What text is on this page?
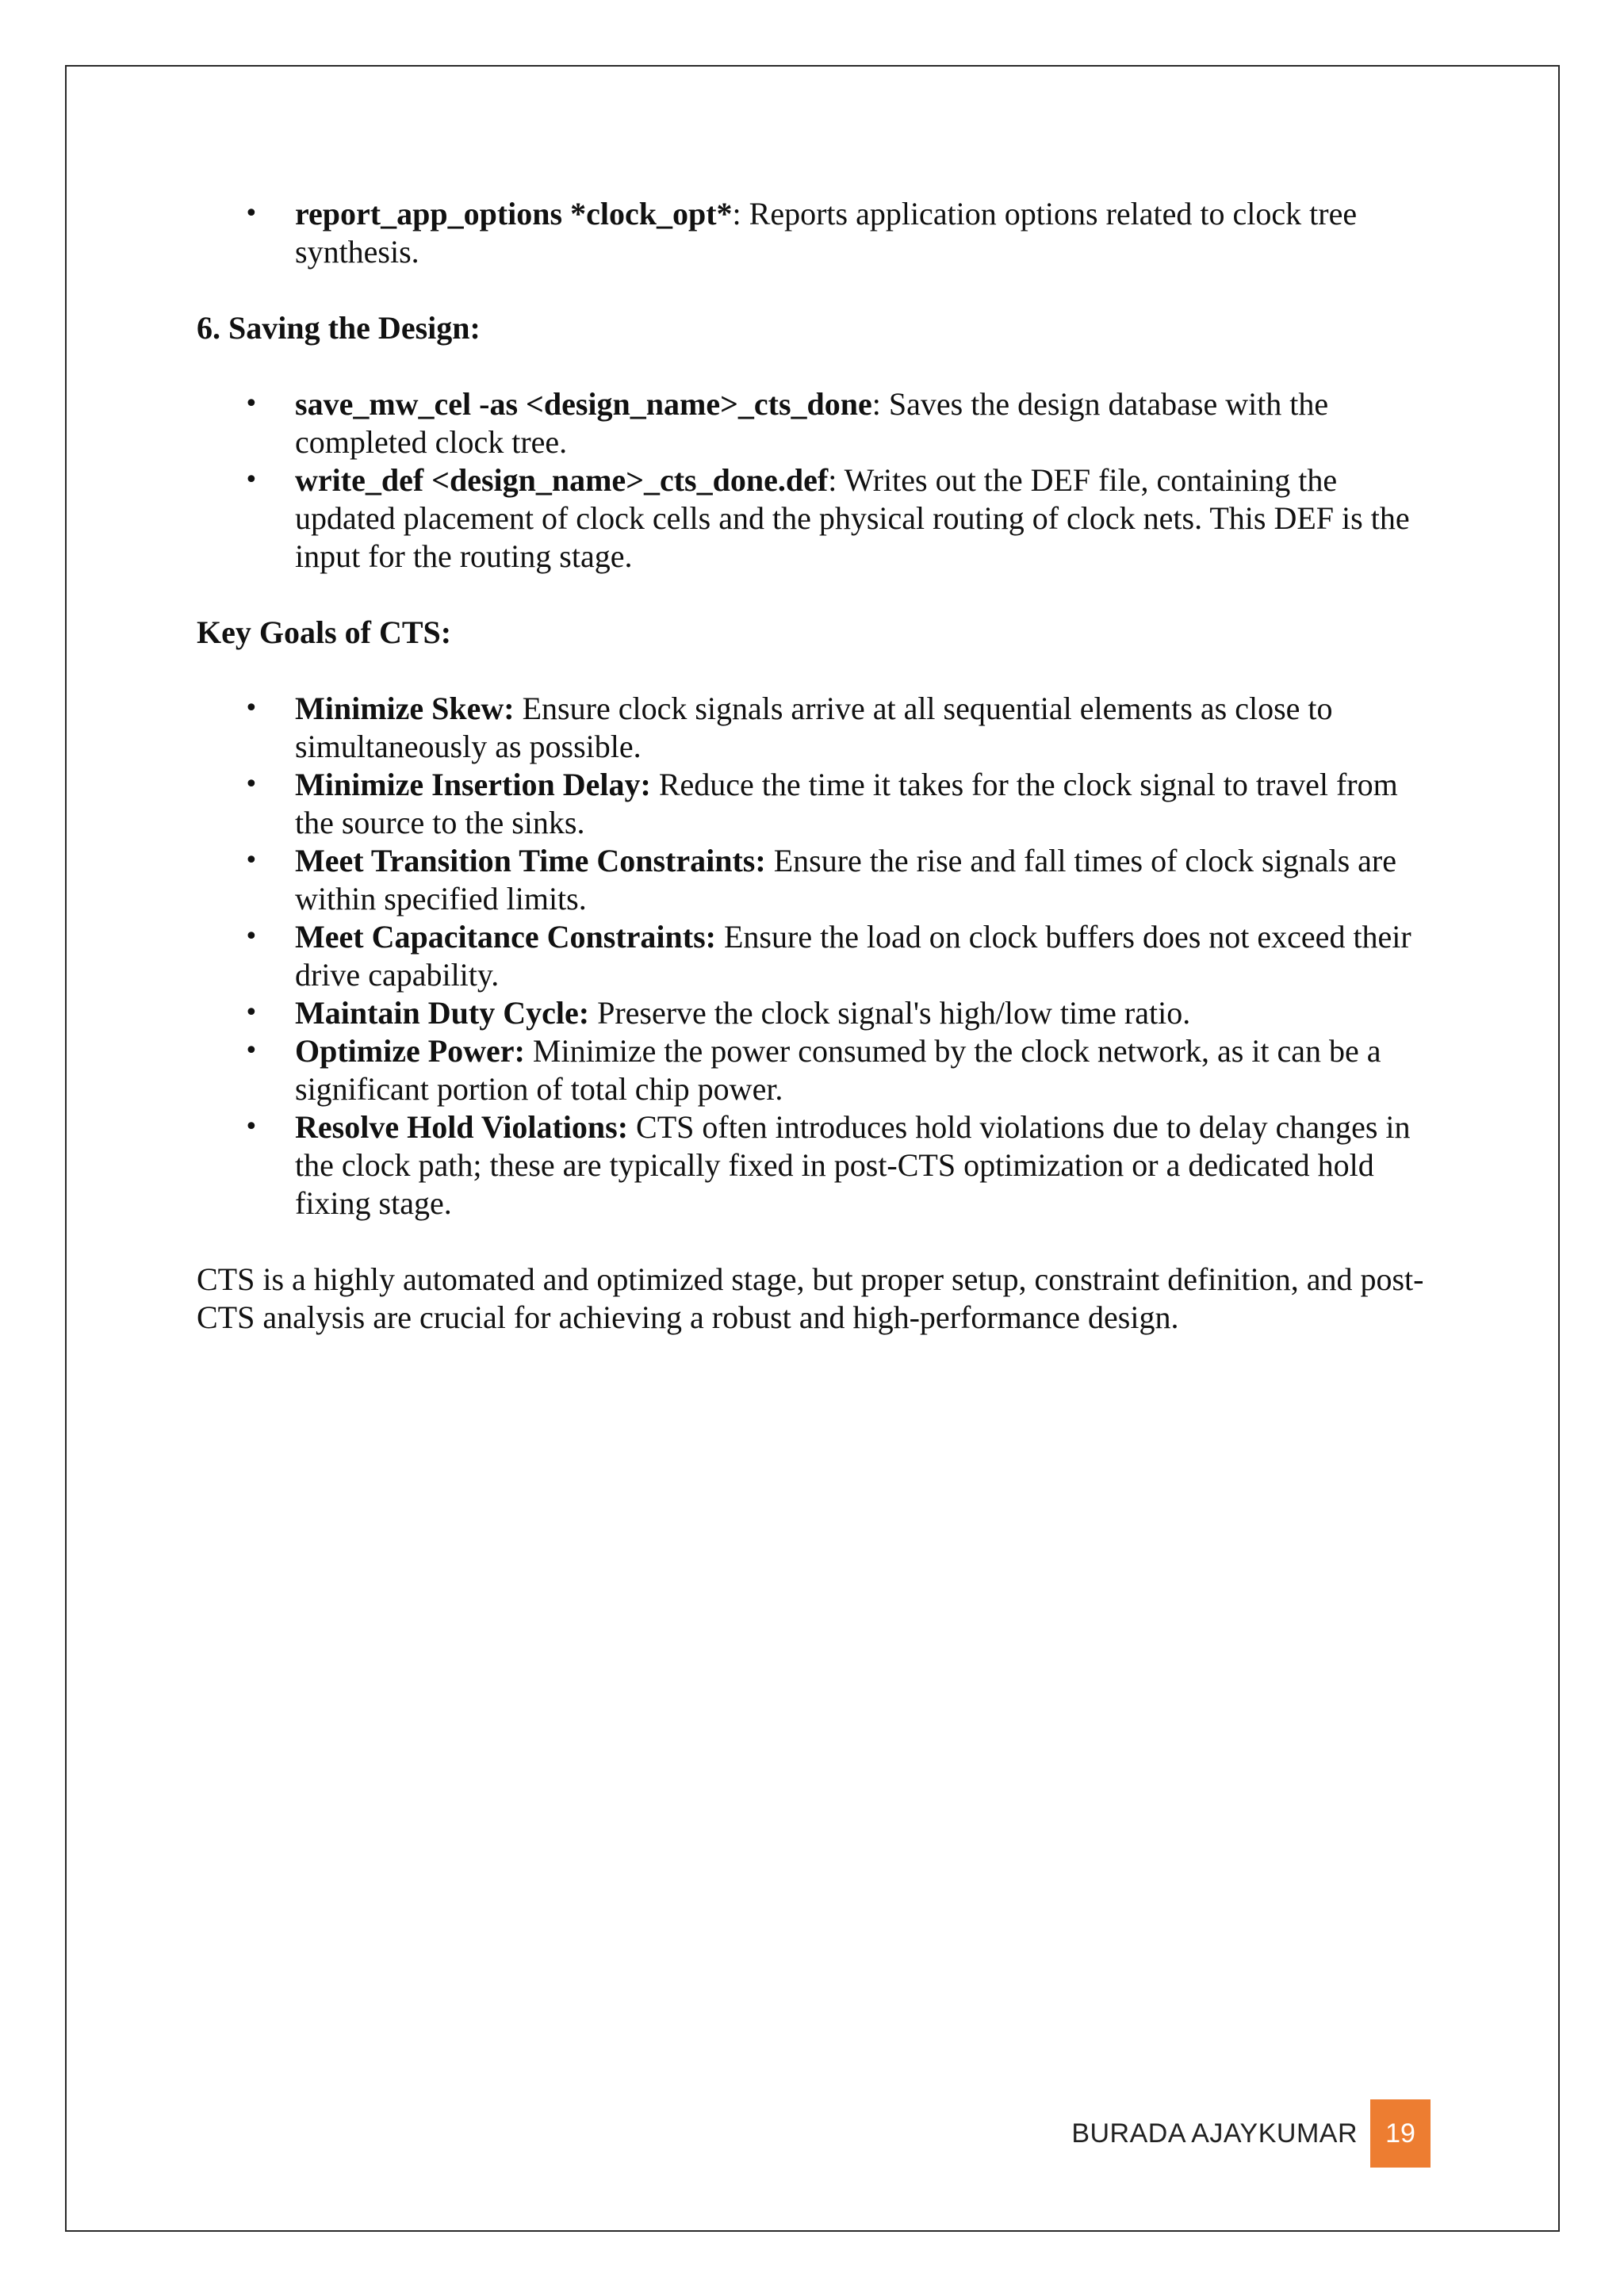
• report_app_options *clock_opt*: Reports application options related to clock tree synthesis.

6. Saving the Design:

• save_mw_cel -as <design_name>_cts_done: Saves the design database with the completed clock tree.
• write_def <design_name>_cts_done.def: Writes out the DEF file, containing the updated placement of clock cells and the physical routing of clock nets. This DEF is the input for the routing stage.

Key Goals of CTS:

• Minimize Skew: Ensure clock signals arrive at all sequential elements as close to simultaneously as possible.
• Minimize Insertion Delay: Reduce the time it takes for the clock signal to travel from the source to the sinks.
• Meet Transition Time Constraints: Ensure the rise and fall times of clock signals are within specified limits.
• Meet Capacitance Constraints: Ensure the load on clock buffers does not exceed their drive capability.
• Maintain Duty Cycle: Preserve the clock signal's high/low time ratio.
• Optimize Power: Minimize the power consumed by the clock network, as it can be a significant portion of total chip power.
• Resolve Hold Violations: CTS often introduces hold violations due to delay changes in the clock path; these are typically fixed in post-CTS optimization or a dedicated hold fixing stage.

CTS is a highly automated and optimized stage, but proper setup, constraint definition, and post-CTS analysis are crucial for achieving a robust and high-performance design.

BURADA AJAYKUMAR	19
